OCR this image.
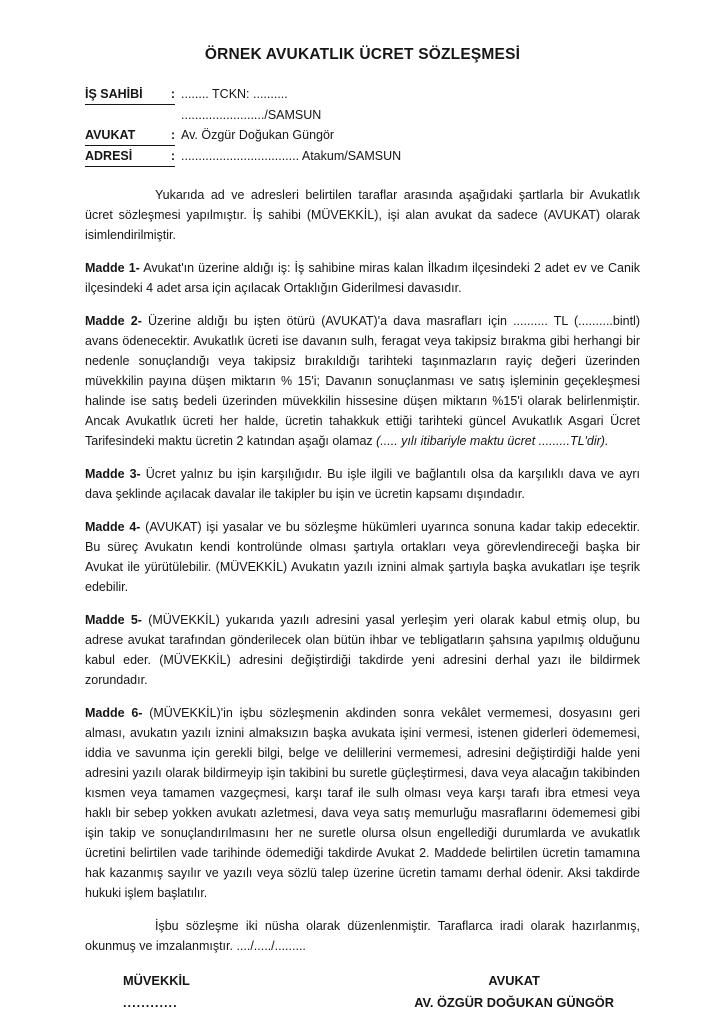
ÖRNEK AVUKATLIK ÜCRET SÖZLEŞMESİ
İŞ SAHİBİ : ........ TCKN: ..........
......................../SAMSUN
AVUKAT	: Av. Özgür Doğukan Güngör
ADRESİ	: .................................. Atakum/SAMSUN

Yukarıda ad ve adresleri belirtilen taraflar arasında aşağıdaki şartlarla bir Avukatlık ücret sözleşmesi yapılmıştır. İş sahibi (MÜVEKKİL), işi alan avukat da sadece (AVUKAT) olarak isimlendirilmiştir.

Madde 1- Avukat'ın üzerine aldığı iş: İş sahibine miras kalan İlkadım ilçesindeki 2 adet ev ve Canik ilçesindeki 4 adet arsa için açılacak Ortaklığın Giderilmesi davasıdır.

Madde 2- Üzerine aldığı bu işten ötürü (AVUKAT)'a dava masrafları için .......... TL (..........bintl) avans ödenecektir. Avukatlık ücreti ise davanın sulh, feragat veya takipsiz bırakma gibi herhangi bir nedenle sonuçlandığı veya takipsiz bırakıldığı tarihteki taşınmazların rayiç değeri üzerinden müvekkilin payına düşen miktarın % 15'i; Davanın sonuçlanması ve satış işleminin geçekleşmesi halinde ise satış bedeli üzerinden müvekkilin hissesine düşen miktarın %15'i olarak belirlenmiştir. Ancak Avukatlık ücreti her halde, ücretin tahakkuk ettiği tarihteki güncel Avukatlık Asgari Ücret Tarifesindeki maktu ücretin 2 katından aşağı olamaz (..... yılı itibariyle maktu ücret .........TL'dir).

Madde 3- Ücret yalnız bu işin karşılığıdır. Bu işle ilgili ve bağlantılı olsa da karşılıklı dava ve ayrı dava şeklinde açılacak davalar ile takipler bu işin ve ücretin kapsamı dışındadır.

Madde 4- (AVUKAT) işi yasalar ve bu sözleşme hükümleri uyarınca sonuna kadar takip edecektir. Bu süreç Avukatın kendi kontrolünde olması şartıyla ortakları veya görevlendireceği başka bir Avukat ile yürütülebilir. (MÜVEKKİL) Avukatın yazılı iznini almak şartıyla başka avukatları işe teşrik edebilir.

Madde 5- (MÜVEKKİL) yukarıda yazılı adresini yasal yerleşim yeri olarak kabul etmiş olup, bu adrese avukat tarafından gönderilecek olan bütün ihbar ve tebligatların şahsına yapılmış olduğunu kabul eder. (MÜVEKKİL) adresini değiştirdiği takdirde yeni adresini derhal yazı ile bildirmek zorundadır.

Madde 6- (MÜVEKKİL)'in işbu sözleşmenin akdinden sonra vekâlet vermemesi, dosyasını geri alması, avukatın yazılı iznini almaksızın başka avukata işini vermesi, istenen giderleri ödememesi, iddia ve savunma için gerekli bilgi, belge ve delillerini vermemesi, adresini değiştirdiği halde yeni adresini yazılı olarak bildirmeyip işin takibini bu suretle güçleştirmesi, dava veya alacağın takibinden kısmen veya tamamen vazgeçmesi, karşı taraf ile sulh olması veya karşı tarafı ibra etmesi veya haklı bir sebep yokken avukatı azletmesi, dava veya satış memurluğu masraflarını ödememesi gibi işin takip ve sonuçlandırılmasını her ne suretle olursa olsun engellediği durumlarda ve avukatlık ücretini belirtilen vade tarihinde ödemediği takdirde Avukat 2. Maddede belirtilen ücretin tamamına hak kazanmış sayılır ve yazılı veya sözlü talep üzerine ücretin tamamı derhal ödenir. Aksi takdirde hukuki işlem başlatılır.

İşbu sözleşme iki nüsha olarak düzenlenmiştir. Taraflarca iradi olarak hazırlanmış, okunmuş ve imzalanmıştır. ..../...../.........

MÜVEKKİL
............
AVUKAT
AV. ÖZGÜR DOĞUKAN GÜNGÖR
